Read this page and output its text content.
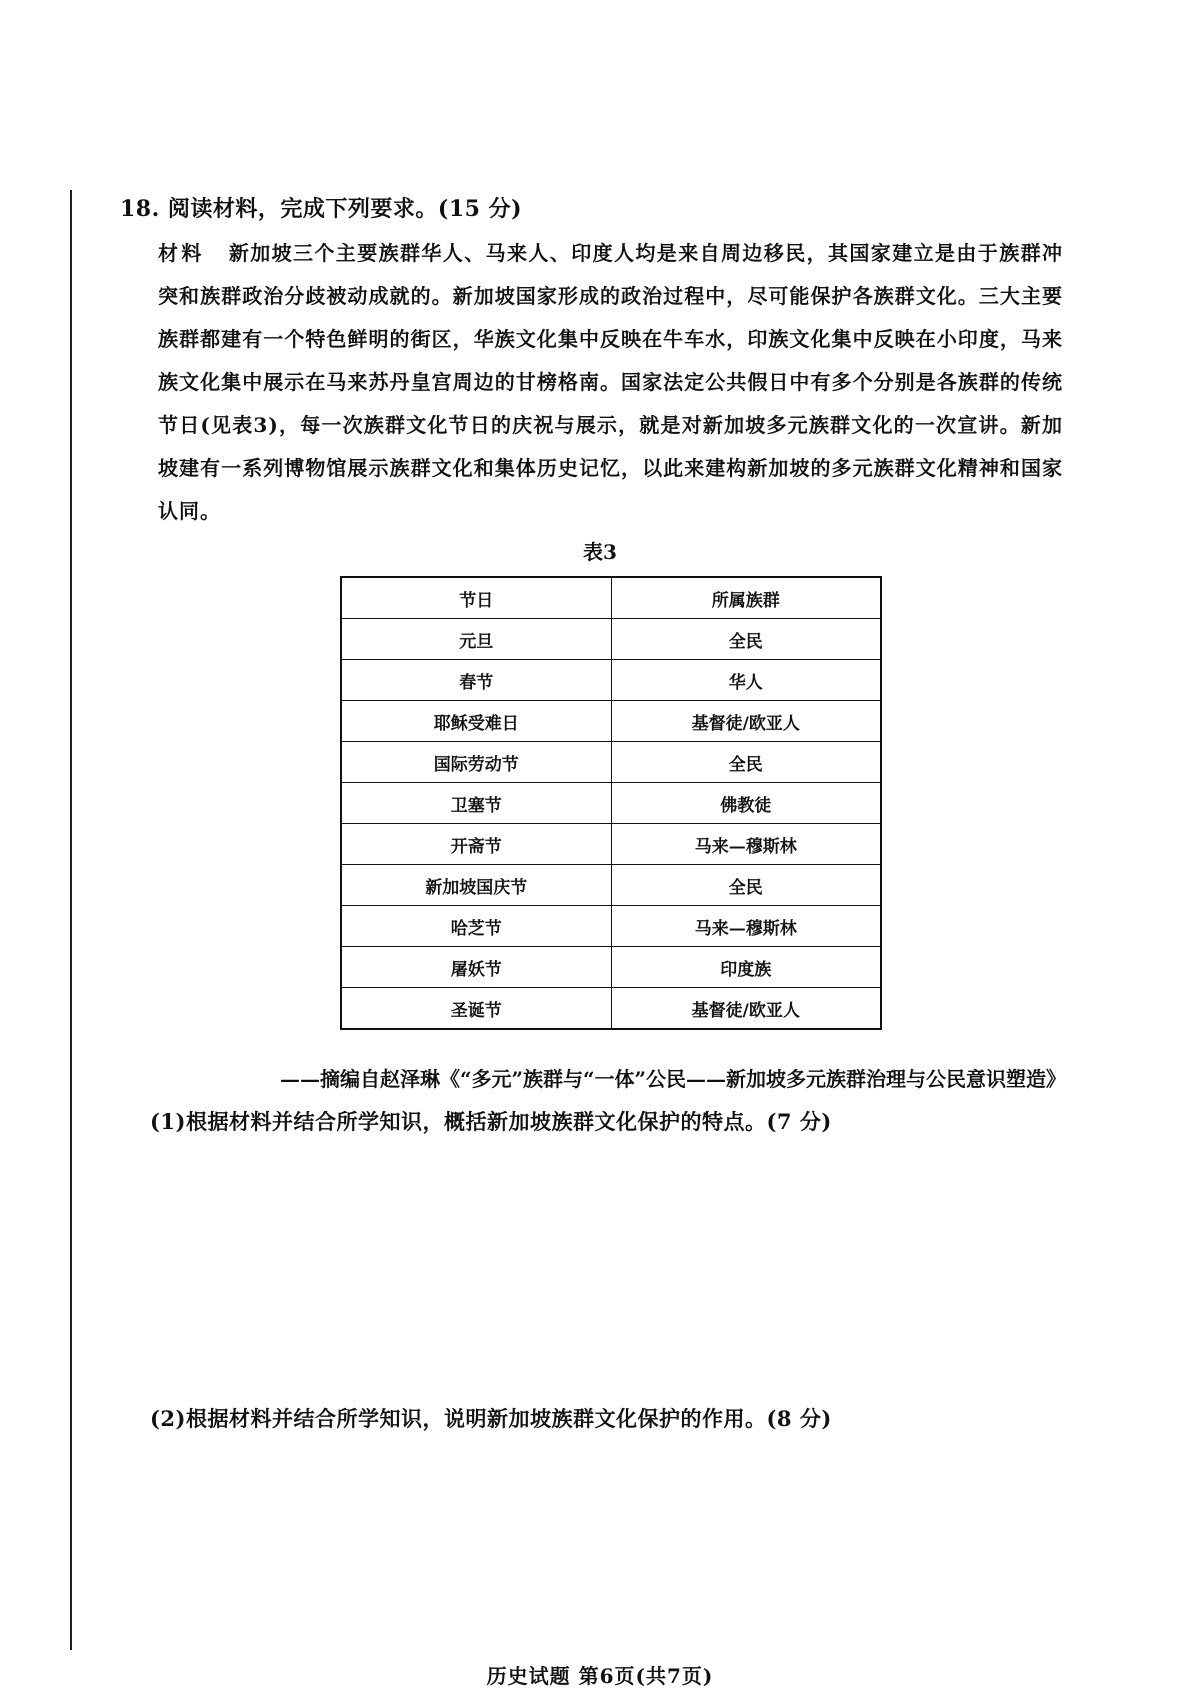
18. 阅读材料，完成下列要求。(15 分)
材料 新加坡三个主要族群华人、马来人、印度人均是来自周边移民，其国家建立是由于族群冲突和族群政治分歧被动成就的。新加坡国家形成的政治过程中，尽可能保护各族群文化。三大主要族群都建有一个特色鲜明的街区，华族文化集中反映在牛车水，印族文化集中反映在小印度，马来族文化集中展示在马来苏丹皇宫周边的甘榜格南。国家法定公共假日中有多个分别是各族群的传统节日(见表3)，每一次族群文化节日的庆祝与展示，就是对新加坡多元族群文化的一次宣讲。新加坡建有一系列博物馆展示族群文化和集体历史记忆，以此来建构新加坡的多元族群文化精神和国家认同。
表3
节日	所属族群
元旦	全民
春节	华人
耶稣受难日	基督徒/欧亚人
国际劳动节	全民
卫塞节	佛教徒
开斋节	马来—穆斯林
新加坡国庆节	全民
哈芝节	马来—穆斯林
屠妖节	印度族
圣诞节	基督徒/欧亚人
——摘编自赵泽琳《“多元”族群与“一体”公民——新加坡多元族群治理与公民意识塑造》
(1)根据材料并结合所学知识，概括新加坡族群文化保护的特点。(7 分)
(2)根据材料并结合所学知识，说明新加坡族群文化保护的作用。(8 分)
历史试题 第6页(共7页)
